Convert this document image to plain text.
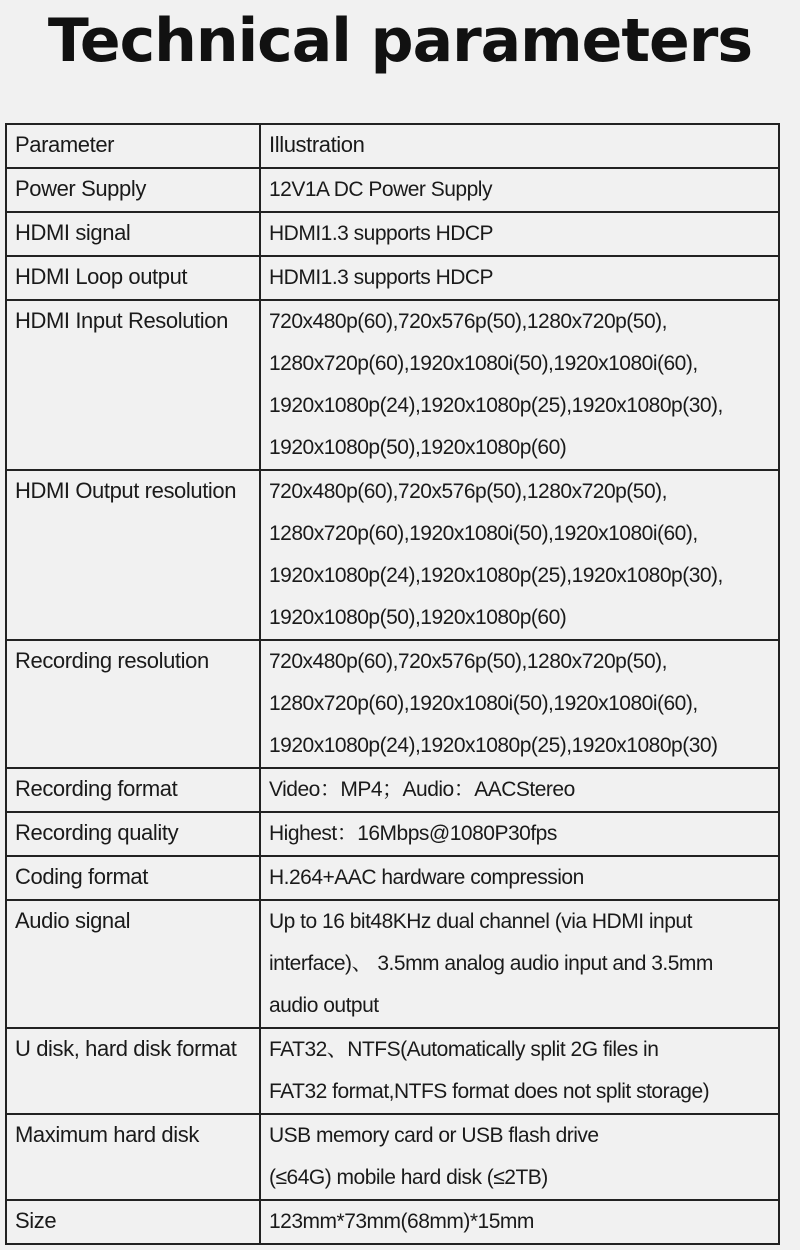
Technical parameters
Parameter	Illustration
Power Supply	12V1A DC Power Supply
HDMI signal	HDMI1.3 supports HDCP
HDMI Loop output	HDMI1.3 supports HDCP
HDMI Input Resolution	720x480p(60),720x576p(50),1280x720p(50),
1280x720p(60),1920x1080i(50),1920x1080i(60),
1920x1080p(24),1920x1080p(25),1920x1080p(30),
1920x1080p(50),1920x1080p(60)
HDMI Output resolution	720x480p(60),720x576p(50),1280x720p(50),
1280x720p(60),1920x1080i(50),1920x1080i(60),
1920x1080p(24),1920x1080p(25),1920x1080p(30),
1920x1080p(50),1920x1080p(60)
Recording resolution	720x480p(60),720x576p(50),1280x720p(50),
1280x720p(60),1920x1080i(50),1920x1080i(60),
1920x1080p(24),1920x1080p(25),1920x1080p(30)
Recording format	Video：MP4；Audio：AACStereo
Recording quality	Highest：16Mbps@1080P30fps
Coding format	H.264+AAC hardware compression
Audio signal	Up to 16 bit48KHz dual channel (via HDMI input
interface)、 3.5mm analog audio input and 3.5mm
audio output
U disk, hard disk format	FAT32、NTFS(Automatically split 2G files in
FAT32 format,NTFS format does not split storage)
Maximum hard disk	USB memory card or USB flash drive
(≤64G) mobile hard disk (≤2TB)
Size	123mm*73mm(68mm)*15mm
